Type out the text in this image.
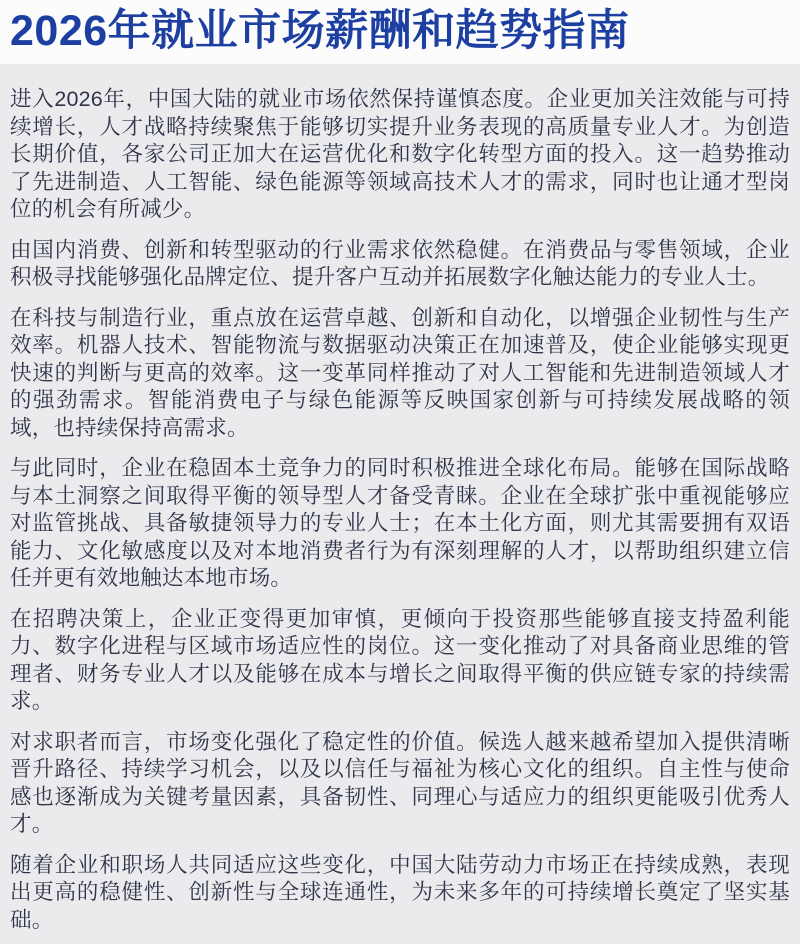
2026年就业市场薪酬和趋势指南

进入2026年，中国大陆的就业市场依然保持谨慎态度。企业更加关注效能与可持续增长，人才战略持续聚焦于能够切实提升业务表现的高质量专业人才。为创造长期价值，各家公司正加大在运营优化和数字化转型方面的投入。这一趋势推动了先进制造、人工智能、绿色能源等领域高技术人才的需求，同时也让通才型岗位的机会有所减少。

由国内消费、创新和转型驱动的行业需求依然稳健。在消费品与零售领域，企业积极寻找能够强化品牌定位、提升客户互动并拓展数字化触达能力的专业人士。

在科技与制造行业，重点放在运营卓越、创新和自动化，以增强企业韧性与生产效率。机器人技术、智能物流与数据驱动决策正在加速普及，使企业能够实现更快速的判断与更高的效率。这一变革同样推动了对人工智能和先进制造领域人才的强劲需求。智能消费电子与绿色能源等反映国家创新与可持续发展战略的领域，也持续保持高需求。

与此同时，企业在稳固本土竞争力的同时积极推进全球化布局。能够在国际战略与本土洞察之间取得平衡的领导型人才备受青睐。企业在全球扩张中重视能够应对监管挑战、具备敏捷领导力的专业人士；在本土化方面，则尤其需要拥有双语能力、文化敏感度以及对本地消费者行为有深刻理解的人才，以帮助组织建立信任并更有效地触达本地市场。

在招聘决策上，企业正变得更加审慎，更倾向于投资那些能够直接支持盈利能力、数字化进程与区域市场适应性的岗位。这一变化推动了对具备商业思维的管理者、财务专业人才以及能够在成本与增长之间取得平衡的供应链专家的持续需求。

对求职者而言，市场变化强化了稳定性的价值。候选人越来越希望加入提供清晰晋升路径、持续学习机会，以及以信任与福祉为核心文化的组织。自主性与使命感也逐渐成为关键考量因素，具备韧性、同理心与适应力的组织更能吸引优秀人才。

随着企业和职场人共同适应这些变化，中国大陆劳动力市场正在持续成熟，表现出更高的稳健性、创新性与全球连通性，为未来多年的可持续增长奠定了坚实基础。
